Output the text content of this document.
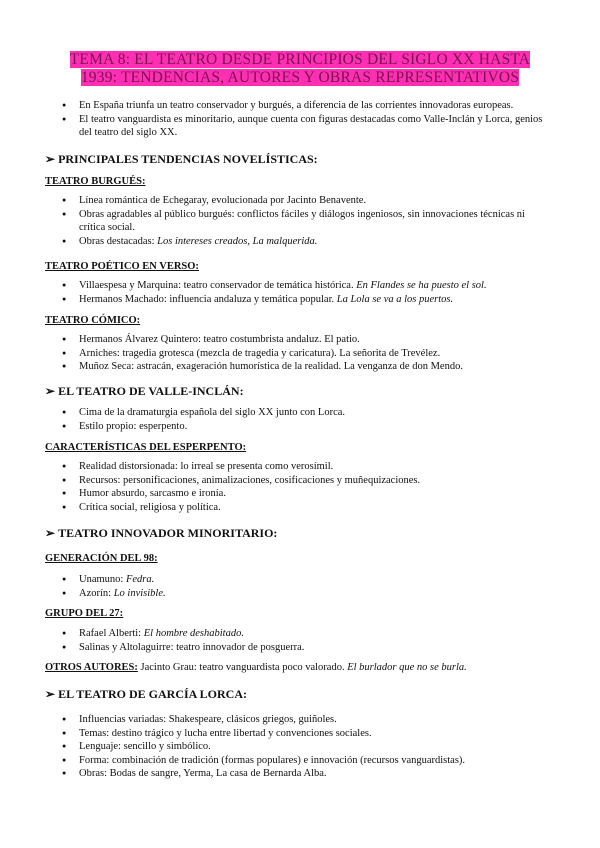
TEMA 8: EL TEATRO DESDE PRINCIPIOS DEL SIGLO XX HASTA
1939: TENDENCIAS, AUTORES Y OBRAS REPRESENTATIVOS
● En España triunfa un teatro conservador y burgués, a diferencia de las corrientes innovadoras europeas.
● El teatro vanguardista es minoritario, aunque cuenta con figuras destacadas como Valle-Inclán y Lorca, genios del teatro del siglo XX.
➢ PRINCIPALES TENDENCIAS NOVELÍSTICAS:
TEATRO BURGUÉS:
● Línea romántica de Echegaray, evolucionada por Jacinto Benavente.
● Obras agradables al público burgués: conflictos fáciles y diálogos ingeniosos, sin innovaciones técnicas ni crítica social.
● Obras destacadas: Los intereses creados, La malquerida.
TEATRO POÉTICO EN VERSO:
● Villaespesa y Marquina: teatro conservador de temática histórica. En Flandes se ha puesto el sol.
● Hermanos Machado: influencia andaluza y temática popular. La Lola se va a los puertos.
TEATRO CÓMICO:
● Hermanos Álvarez Quintero: teatro costumbrista andaluz. El patio.
● Arniches: tragedia grotesca (mezcla de tragedia y caricatura). La señorita de Trevélez.
● Muñoz Seca: astracán, exageración humorística de la realidad. La venganza de don Mendo.
➢ EL TEATRO DE VALLE-INCLÁN:
● Cima de la dramaturgia española del siglo XX junto con Lorca.
● Estilo propio: esperpento.
CARACTERÍSTICAS DEL ESPERPENTO:
● Realidad distorsionada: lo irreal se presenta como verosímil.
● Recursos: personificaciones, animalizaciones, cosificaciones y muñequizaciones.
● Humor absurdo, sarcasmo e ironía.
● Crítica social, religiosa y política.
➢ TEATRO INNOVADOR MINORITARIO:
GENERACIÓN DEL 98:
● Unamuno: Fedra.
● Azorín: Lo invisible.
GRUPO DEL 27:
● Rafael Alberti: El hombre deshabitado.
● Salinas y Altolaguirre: teatro innovador de posguerra.
OTROS AUTORES: Jacinto Grau: teatro vanguardista poco valorado. El burlador que no se burla.
➢ EL TEATRO DE GARCÍA LORCA:
● Influencias variadas: Shakespeare, clásicos griegos, guiñoles.
● Temas: destino trágico y lucha entre libertad y convenciones sociales.
● Lenguaje: sencillo y simbólico.
● Forma: combinación de tradición (formas populares) e innovación (recursos vanguardistas).
● Obras: Bodas de sangre, Yerma, La casa de Bernarda Alba.
